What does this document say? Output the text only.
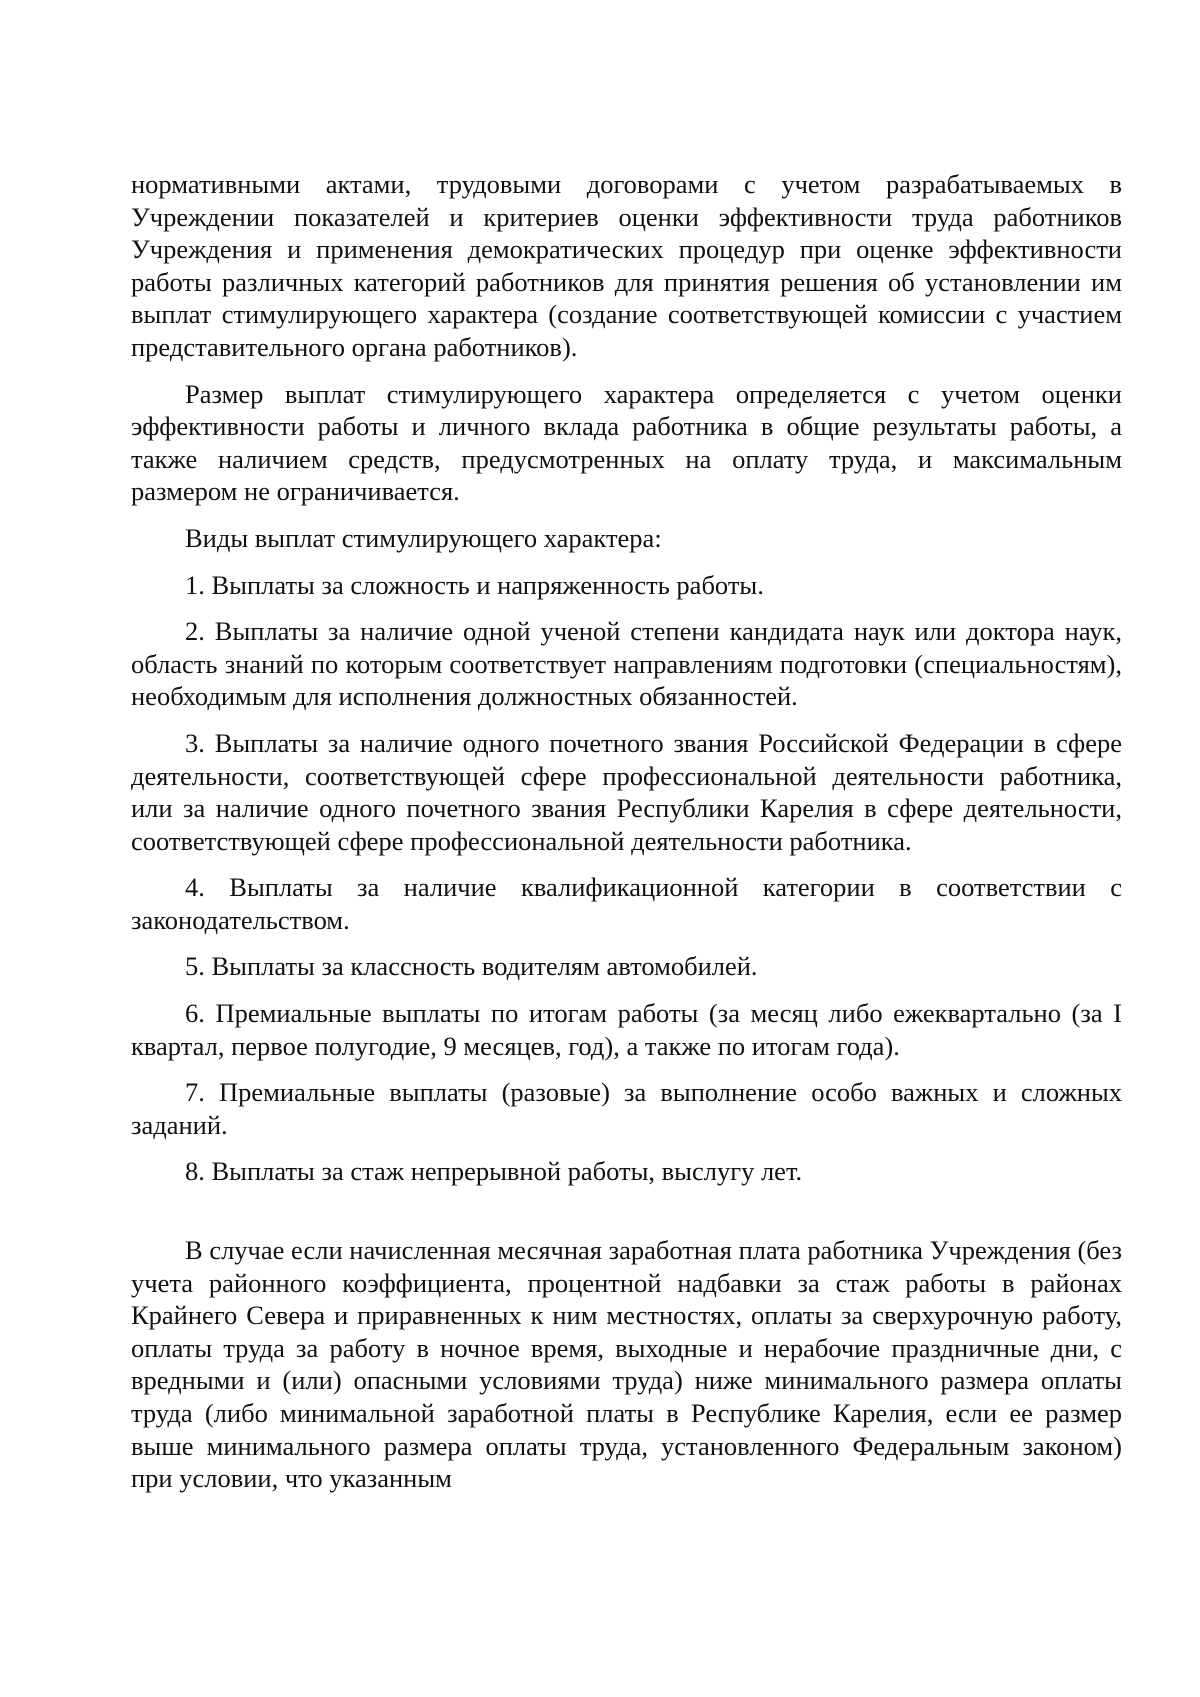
нормативными актами, трудовыми договорами с учетом разрабатываемых в Учреждении показателей и критериев оценки эффективности труда работников Учреждения и применения демократических процедур при оценке эффективности работы различных категорий работников для принятия решения об установлении им выплат стимулирующего характера (создание соответствующей комиссии с участием представительного органа работников).

Размер выплат стимулирующего характера определяется с учетом оценки эффективности работы и личного вклада работника в общие результаты работы, а также наличием средств, предусмотренных на оплату труда, и максимальным размером не ограничивается.

Виды выплат стимулирующего характера:

1. Выплаты за сложность и напряженность работы.

2. Выплаты за наличие одной ученой степени кандидата наук или доктора наук, область знаний по которым соответствует направлениям подготовки (специальностям), необходимым для исполнения должностных обязанностей.

3. Выплаты за наличие одного почетного звания Российской Федерации в сфере деятельности, соответствующей сфере профессиональной деятельности работника, или за наличие одного почетного звания Республики Карелия в сфере деятельности, соответствующей сфере профессиональной деятельности работника.

4. Выплаты за наличие квалификационной категории в соответствии с законодательством.

5. Выплаты за классность водителям автомобилей.

6. Премиальные выплаты по итогам работы (за месяц либо ежеквартально (за I квартал, первое полугодие, 9 месяцев, год), а также по итогам года).

7. Премиальные выплаты (разовые) за выполнение особо важных и сложных заданий.

8. Выплаты за стаж непрерывной работы, выслугу лет.

В случае если начисленная месячная заработная плата работника Учреждения (без учета районного коэффициента, процентной надбавки за стаж работы в районах Крайнего Севера и приравненных к ним местностях, оплаты за сверхурочную работу, оплаты труда за работу в ночное время, выходные и нерабочие праздничные дни, с вредными и (или) опасными условиями труда) ниже минимального размера оплаты труда (либо минимальной заработной платы в Республике Карелия, если ее размер выше минимального размера оплаты труда, установленного Федеральным законом) при условии, что указанным
